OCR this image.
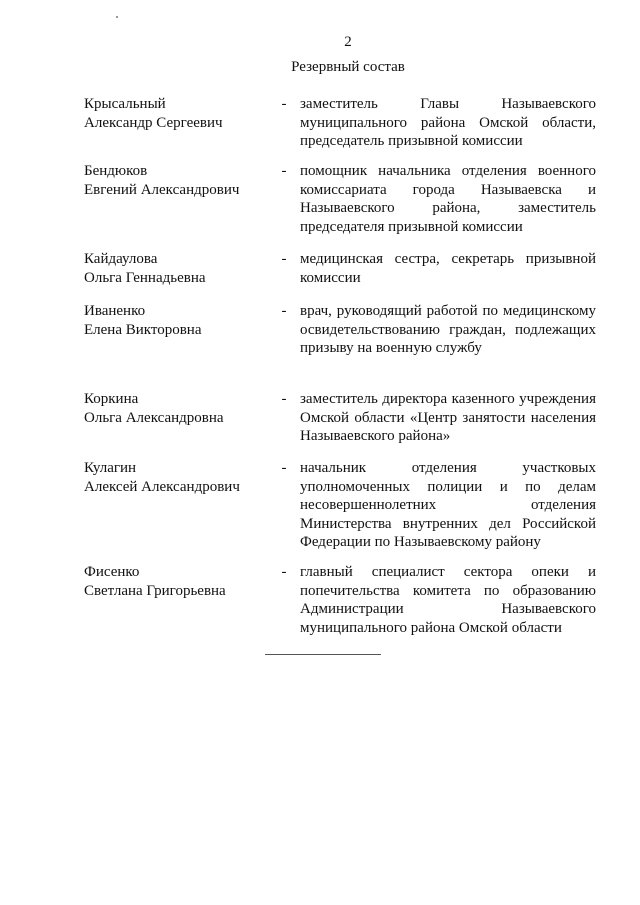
2
Резервный состав
Крысальный
Александр Сергеевич
- заместитель Главы Называевского муниципального района Омской области, председатель призывной комиссии
Бендюков
Евгений Александрович
- помощник начальника отделения военного комиссариата города Называевска и Называевского района, заместитель председателя призывной комиссии
Кайдаулова
Ольга Геннадьевна
- медицинская сестра, секретарь призывной комиссии
Иваненко
Елена Викторовна
- врач, руководящий работой по медицинскому освидетельствованию граждан, подлежащих призыву на военную службу
Коркина
Ольга Александровна
- заместитель директора казенного учреждения Омской области «Центр занятости населения Называевского района»
Кулагин
Алексей Александрович
- начальник отделения участковых уполномоченных полиции и по делам несовершеннолетних отделения Министерства внутренних дел Российской Федерации по Называевскому району
Фисенко
Светлана Григорьевна
- главный специалист сектора опеки и попечительства комитета по образованию Администрации Называевского муниципального района Омской области
